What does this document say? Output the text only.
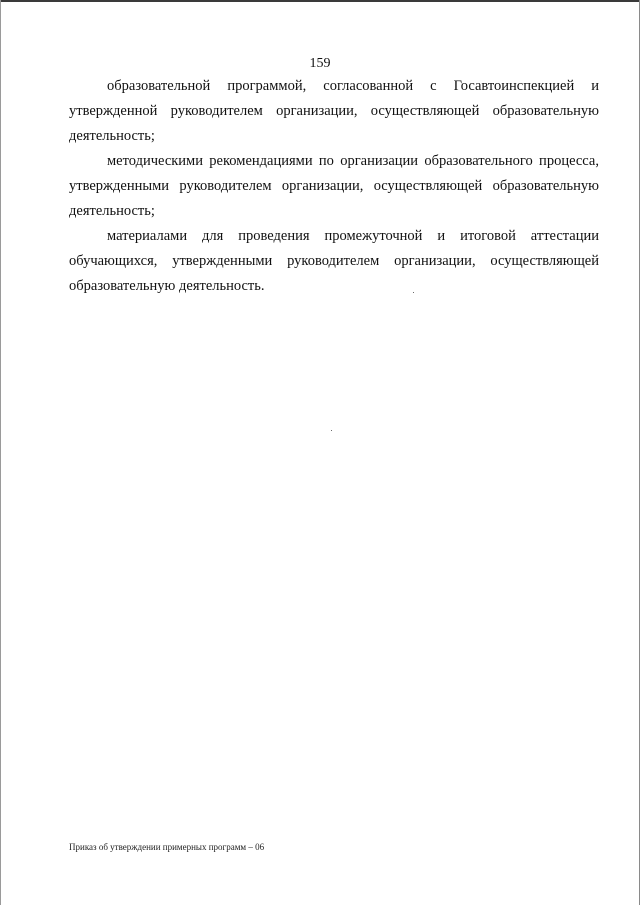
159

образовательной программой, согласованной с Госавтоинспекцией и утвержденной руководителем организации, осуществляющей образовательную деятельность;

методическими рекомендациями по организации образовательного процесса, утвержденными руководителем организации, осуществляющей образовательную деятельность;

материалами для проведения промежуточной и итоговой аттестации обучающихся, утвержденными руководителем организации, осуществляющей образовательную деятельность.

Приказ об утверждении примерных программ – 06
